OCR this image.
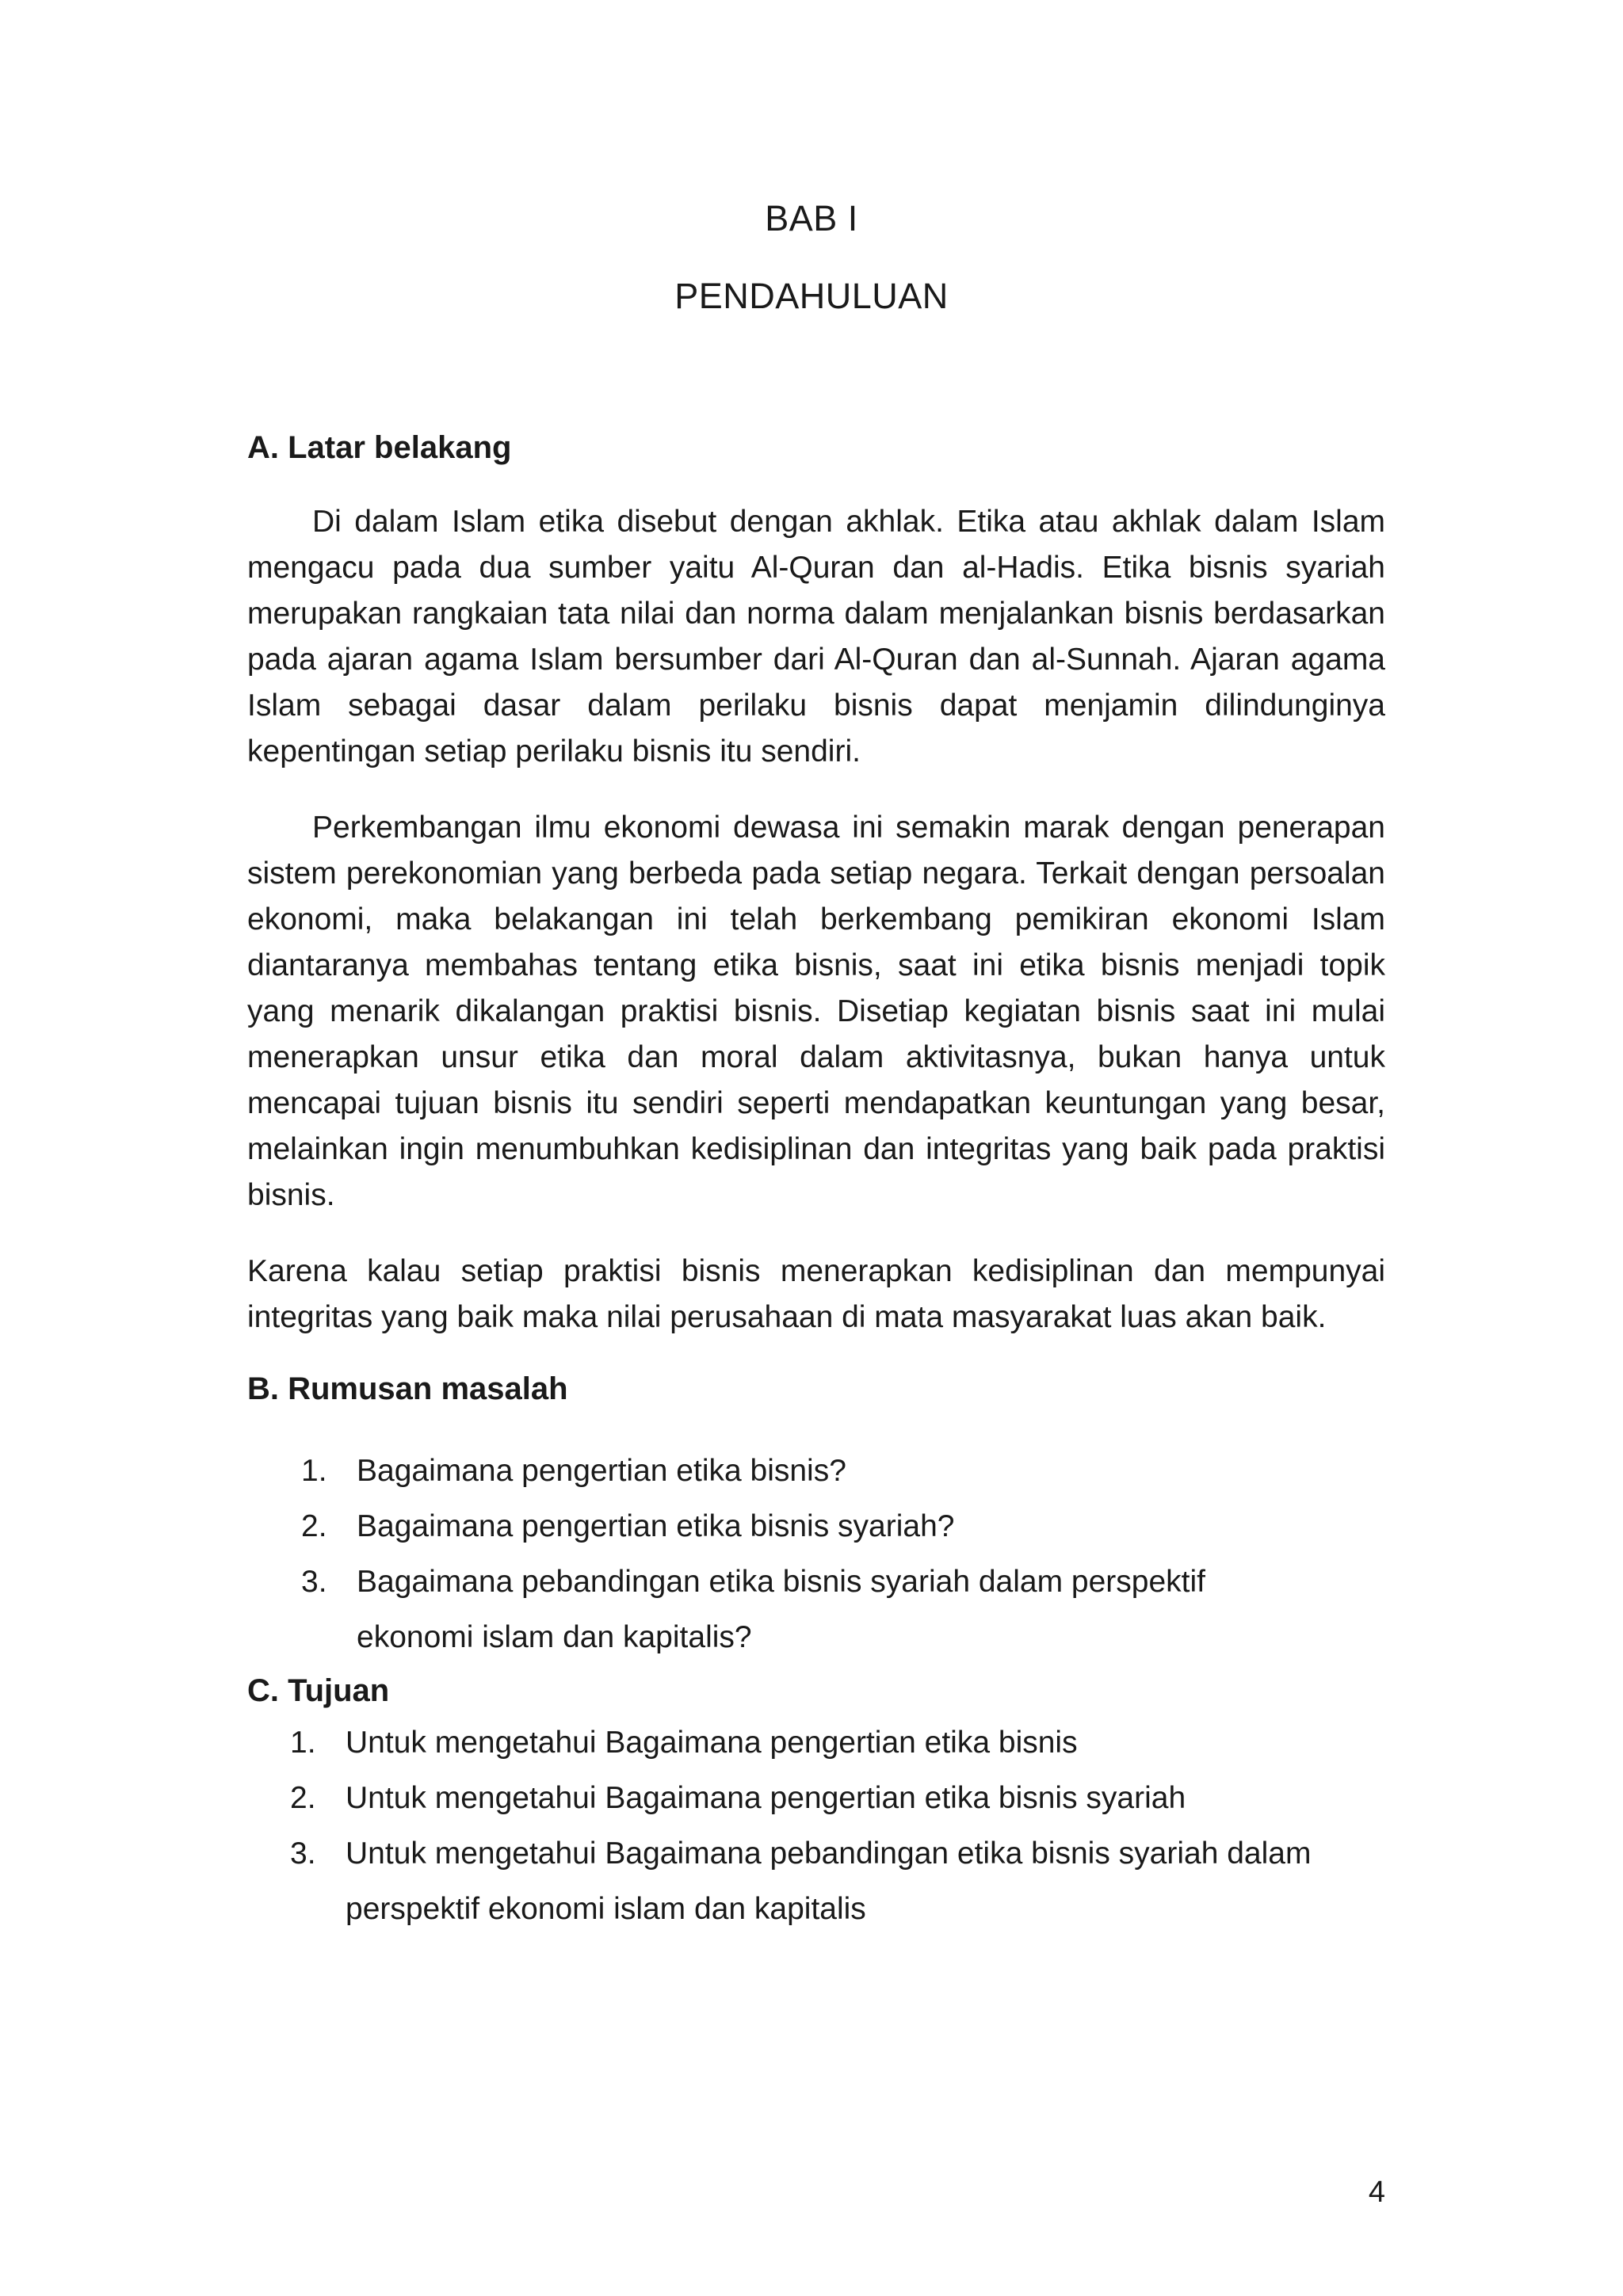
BAB I
PENDAHULUAN
A. Latar belakang

Di dalam Islam etika disebut dengan akhlak. Etika atau akhlak dalam Islam mengacu pada dua sumber yaitu Al-Quran dan al-Hadis. Etika bisnis syariah merupakan rangkaian tata nilai dan norma dalam menjalankan bisnis berdasarkan pada ajaran agama Islam bersumber dari Al-Quran dan al-Sunnah. Ajaran agama Islam sebagai dasar dalam perilaku bisnis dapat menjamin dilindunginya kepentingan setiap perilaku bisnis itu sendiri.

Perkembangan ilmu ekonomi dewasa ini semakin marak dengan penerapan sistem perekonomian yang berbeda pada setiap negara. Terkait dengan persoalan ekonomi, maka belakangan ini telah berkembang pemikiran ekonomi Islam diantaranya membahas tentang etika bisnis, saat ini etika bisnis menjadi topik yang menarik dikalangan praktisi bisnis. Disetiap kegiatan bisnis saat ini mulai menerapkan unsur etika dan moral dalam aktivitasnya, bukan hanya untuk mencapai tujuan bisnis itu sendiri seperti mendapatkan keuntungan yang besar, melainkan ingin menumbuhkan kedisiplinan dan integritas yang baik pada praktisi bisnis.

Karena kalau setiap praktisi bisnis menerapkan kedisiplinan dan mempunyai integritas yang baik maka nilai perusahaan di mata masyarakat luas akan baik.

B. Rumusan masalah
1. Bagaimana pengertian etika bisnis?
2. Bagaimana pengertian etika bisnis syariah?
3. Bagaimana pebandingan etika bisnis syariah dalam perspektif ekonomi islam dan kapitalis?
C. Tujuan
1. Untuk mengetahui Bagaimana pengertian etika bisnis
2. Untuk mengetahui Bagaimana pengertian etika bisnis syariah
3. Untuk mengetahui Bagaimana pebandingan etika bisnis syariah dalam perspektif ekonomi islam dan kapitalis
4
